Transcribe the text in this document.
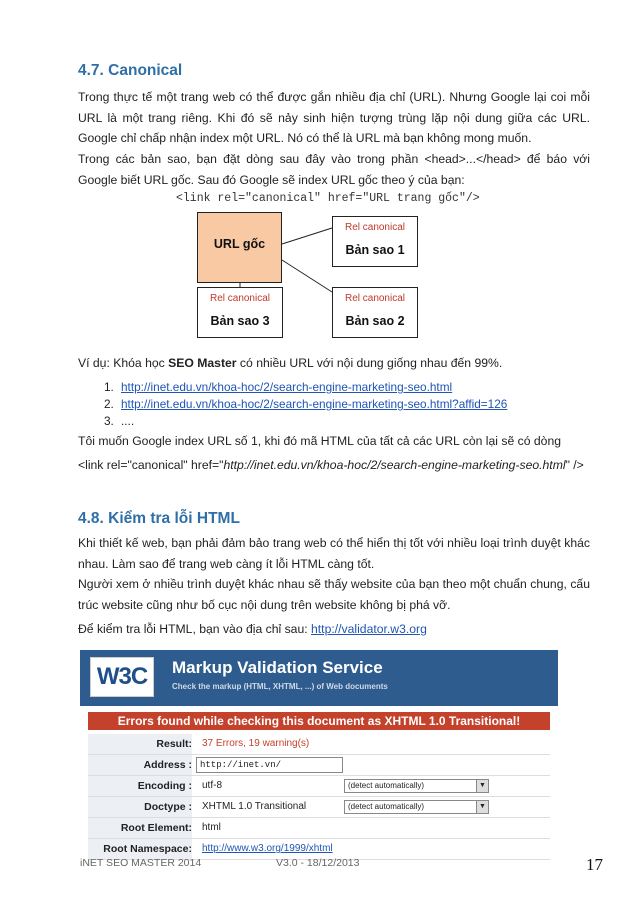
4.7. Canonical
Trong thực tế một trang web có thể được gắn nhiều địa chỉ (URL). Nhưng Google lại coi mỗi URL là một trang riêng. Khi đó sẽ nảy sinh hiện tượng trùng lặp nội dung giữa các URL. Google chỉ chấp nhận index một URL. Nó có thể là URL mà bạn không mong muốn.
Trong các bản sao, bạn đặt dòng sau đây vào trong phần <head>...</head> để báo với Google biết URL gốc. Sau đó Google sẽ index URL gốc theo ý của bạn:
<link rel="canonical" href="URL trang gốc"/>
URL gốc
Rel canonical
Bản sao 1
Rel canonical
Bản sao 3
Rel canonical
Bản sao 2
Ví dụ: Khóa học SEO Master có nhiều URL với nội dung giống nhau đến 99%.
1. http://inet.edu.vn/khoa-hoc/2/search-engine-marketing-seo.html
2. http://inet.edu.vn/khoa-hoc/2/search-engine-marketing-seo.html?affid=126
3. ....
Tôi muốn Google index URL số 1, khi đó mã HTML của tất cả các URL còn lại sẽ có dòng
<link rel="canonical" href="http://inet.edu.vn/khoa-hoc/2/search-engine-marketing-seo.html" />
4.8. Kiểm tra lỗi HTML
Khi thiết kế web, bạn phải đảm bảo trang web có thể hiển thị tốt với nhiều loại trình duyệt khác nhau. Làm sao để trang web càng ít lỗi HTML càng tốt.
Người xem ở nhiều trình duyệt khác nhau sẽ thấy website của bạn theo một chuẩn chung, cấu trúc website cũng như bố cục nội dung trên website không bị phá vỡ.
Để kiểm tra lỗi HTML, bạn vào địa chỉ sau: http://validator.w3.org
W3C	Markup Validation Service
Check the markup (HTML, XHTML, ...) of Web documents
Errors found while checking this document as XHTML 1.0 Transitional!
Result: 37 Errors, 19 warning(s)
Address : http://inet.vn/
Encoding : utf-8	(detect automatically)	▼
Doctype : XHTML 1.0 Transitional	(detect automatically)	▼
Root Element: html
Root Namespace: http://www.w3.org/1999/xhtml
iNET SEO MASTER 2014	V3.0 - 18/12/2013	17
